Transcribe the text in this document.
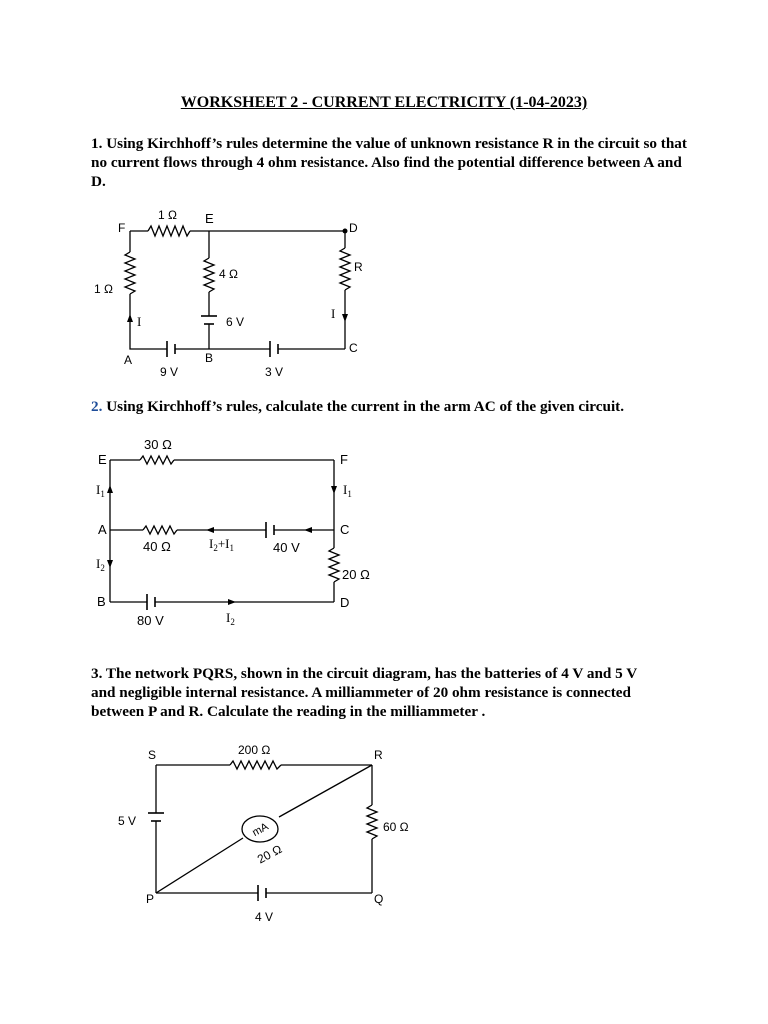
WORKSHEET 2 - CURRENT ELECTRICITY (1-04-2023)
1. Using Kirchhoff’s rules determine the value of unknown resistance R in the circuit so that
no current flows through 4 ohm resistance. Also find the potential difference between A and
D.
F
1 Ω E
D
1 Ω
4 Ω	R
6 V
I
I
C
A	B
9 V	3 V
2. Using Kirchhoff’s rules, calculate the current in the arm AC of the given circuit.
30 Ω
E	F
$I_1$	$I_1$
A
40 Ω	$I_2+I_1$	40 V
C
$I_2$	20 Ω
B	D
80 V	$I_2$
3. The network PQRS, shown in the circuit diagram, has the batteries of 4 V and 5 V
and negligible internal resistance. A milliammeter of 20 ohm resistance is connected
between P and R. Calculate the reading in the milliammeter .
mA
200 Ω
S	R
5 V	60 Ω
20 Ω
P	Q
4 V
